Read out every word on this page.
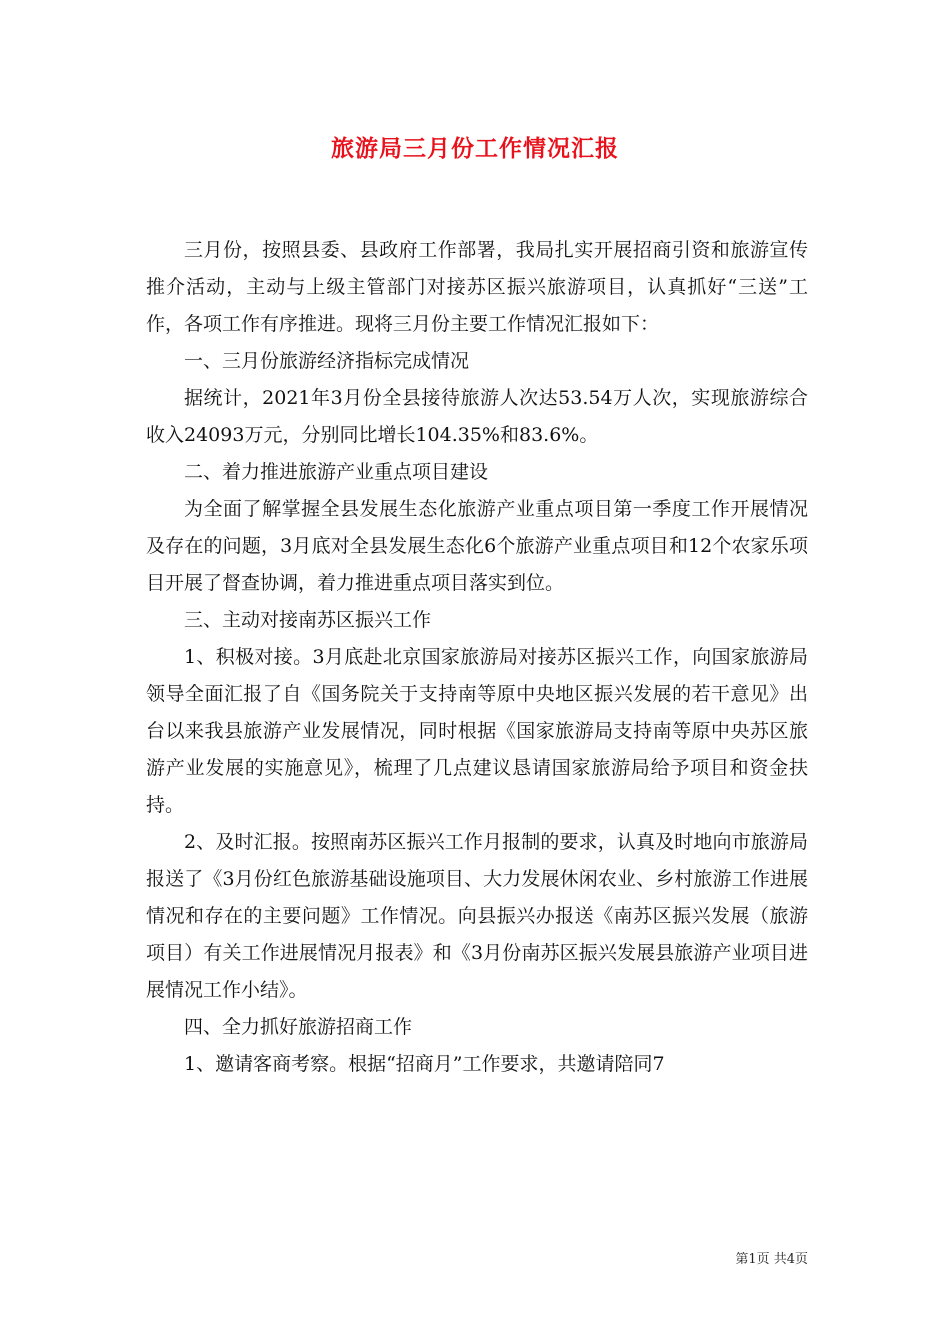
旅游局三月份工作情况汇报

三月份，按照县委、县政府工作部署，我局扎实开展招商引资和旅游宣传推介活动，主动与上级主管部门对接苏区振兴旅游项目，认真抓好“三送”工作，各项工作有序推进。现将三月份主要工作情况汇报如下：

一、三月份旅游经济指标完成情况

据统计，2021年3月份全县接待旅游人次达53.54万人次，实现旅游综合收入24093万元，分别同比增长104.35%和83.6%。

二、着力推进旅游产业重点项目建设

为全面了解掌握全县发展生态化旅游产业重点项目第一季度工作开展情况及存在的问题，3月底对全县发展生态化6个旅游产业重点项目和12个农家乐项目开展了督查协调，着力推进重点项目落实到位。

三、主动对接南苏区振兴工作

1、积极对接。3月底赴北京国家旅游局对接苏区振兴工作，向国家旅游局领导全面汇报了自《国务院关于支持南等原中央地区振兴发展的若干意见》出台以来我县旅游产业发展情况，同时根据《国家旅游局支持南等原中央苏区旅游产业发展的实施意见》，梳理了几点建议恳请国家旅游局给予项目和资金扶持。

2、及时汇报。按照南苏区振兴工作月报制的要求，认真及时地向市旅游局报送了《3月份红色旅游基础设施项目、大力发展休闲农业、乡村旅游工作进展情况和存在的主要问题》工作情况。向县振兴办报送《南苏区振兴发展（旅游项目）有关工作进展情况月报表》和《3月份南苏区振兴发展县旅游产业项目进展情况工作小结》。

四、全力抓好旅游招商工作

1、邀请客商考察。根据“招商月”工作要求，共邀请陪同7

第1页 共4页
